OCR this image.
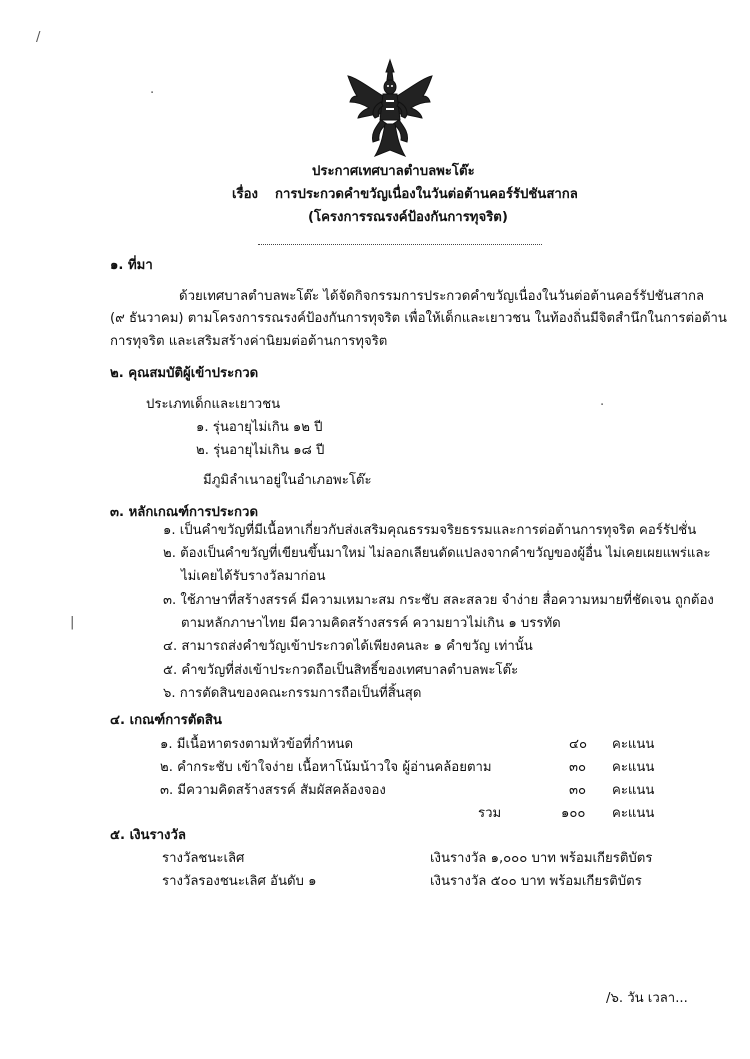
/
·
·
|
ประกาศเทศบาลตำบลพะโต๊ะ
เรื่อง การประกวดคำขวัญเนื่องในวันต่อต้านคอร์รัปชันสากล
(โครงการรณรงค์ป้องกันการทุจริต)
๑. ที่มา
ด้วยเทศบาลตำบลพะโต๊ะ ได้จัดกิจกรรมการประกวดคำขวัญเนื่องในวันต่อต้านคอร์รัปชันสากล
(๙ ธันวาคม) ตามโครงการรณรงค์ป้องกันการทุจริต เพื่อให้เด็กและเยาวชน ในท้องถิ่นมีจิตสำนึกในการต่อต้าน
การทุจริต และเสริมสร้างค่านิยมต่อต้านการทุจริต
๒. คุณสมบัติผู้เข้าประกวด
ประเภทเด็กและเยาวชน
๑. รุ่นอายุไม่เกิน ๑๒ ปี
๒. รุ่นอายุไม่เกิน ๑๘ ปี
มีภูมิลำเนาอยู่ในอำเภอพะโต๊ะ
๓. หลักเกณฑ์การประกวด
๑. เป็นคำขวัญที่มีเนื้อหาเกี่ยวกับส่งเสริมคุณธรรมจริยธรรมและการต่อต้านการทุจริต คอร์รัปชั่น
๒. ต้องเป็นคำขวัญที่เขียนขึ้นมาใหม่ ไม่ลอกเลียนดัดแปลงจากคำขวัญของผู้อื่น ไม่เคยเผยแพร่และ
ไม่เคยได้รับรางวัลมาก่อน
๓. ใช้ภาษาที่สร้างสรรค์ มีความเหมาะสม กระชับ สละสลวย จำง่าย สื่อความหมายที่ชัดเจน ถูกต้อง
ตามหลักภาษาไทย มีความคิดสร้างสรรค์ ความยาวไม่เกิน ๑ บรรทัด
๔. สามารถส่งคำขวัญเข้าประกวดได้เพียงคนละ ๑ คำขวัญ เท่านั้น
๕. คำขวัญที่ส่งเข้าประกวดถือเป็นสิทธิ์ของเทศบาลตำบลพะโต๊ะ
๖. การตัดสินของคณะกรรมการถือเป็นที่สิ้นสุด
๔. เกณฑ์การตัดสิน
๑. มีเนื้อหาตรงตามหัวข้อที่กำหนด	๔๐ คะแนน
๒. คำกระชับ เข้าใจง่าย เนื้อหาโน้มน้าวใจ ผู้อ่านคล้อยตาม	๓๐ คะแนน
๓. มีความคิดสร้างสรรค์ สัมผัสคล้องจอง	๓๐ คะแนน
รวม	๑๐๐ คะแนน
๕. เงินรางวัล
รางวัลชนะเลิศ	เงินรางวัล ๑,๐๐๐ บาท พร้อมเกียรติบัตร
รางวัลรองชนะเลิศ อันดับ ๑	เงินรางวัล ๕๐๐ บาท พร้อมเกียรติบัตร
/๖. วัน เวลา...
